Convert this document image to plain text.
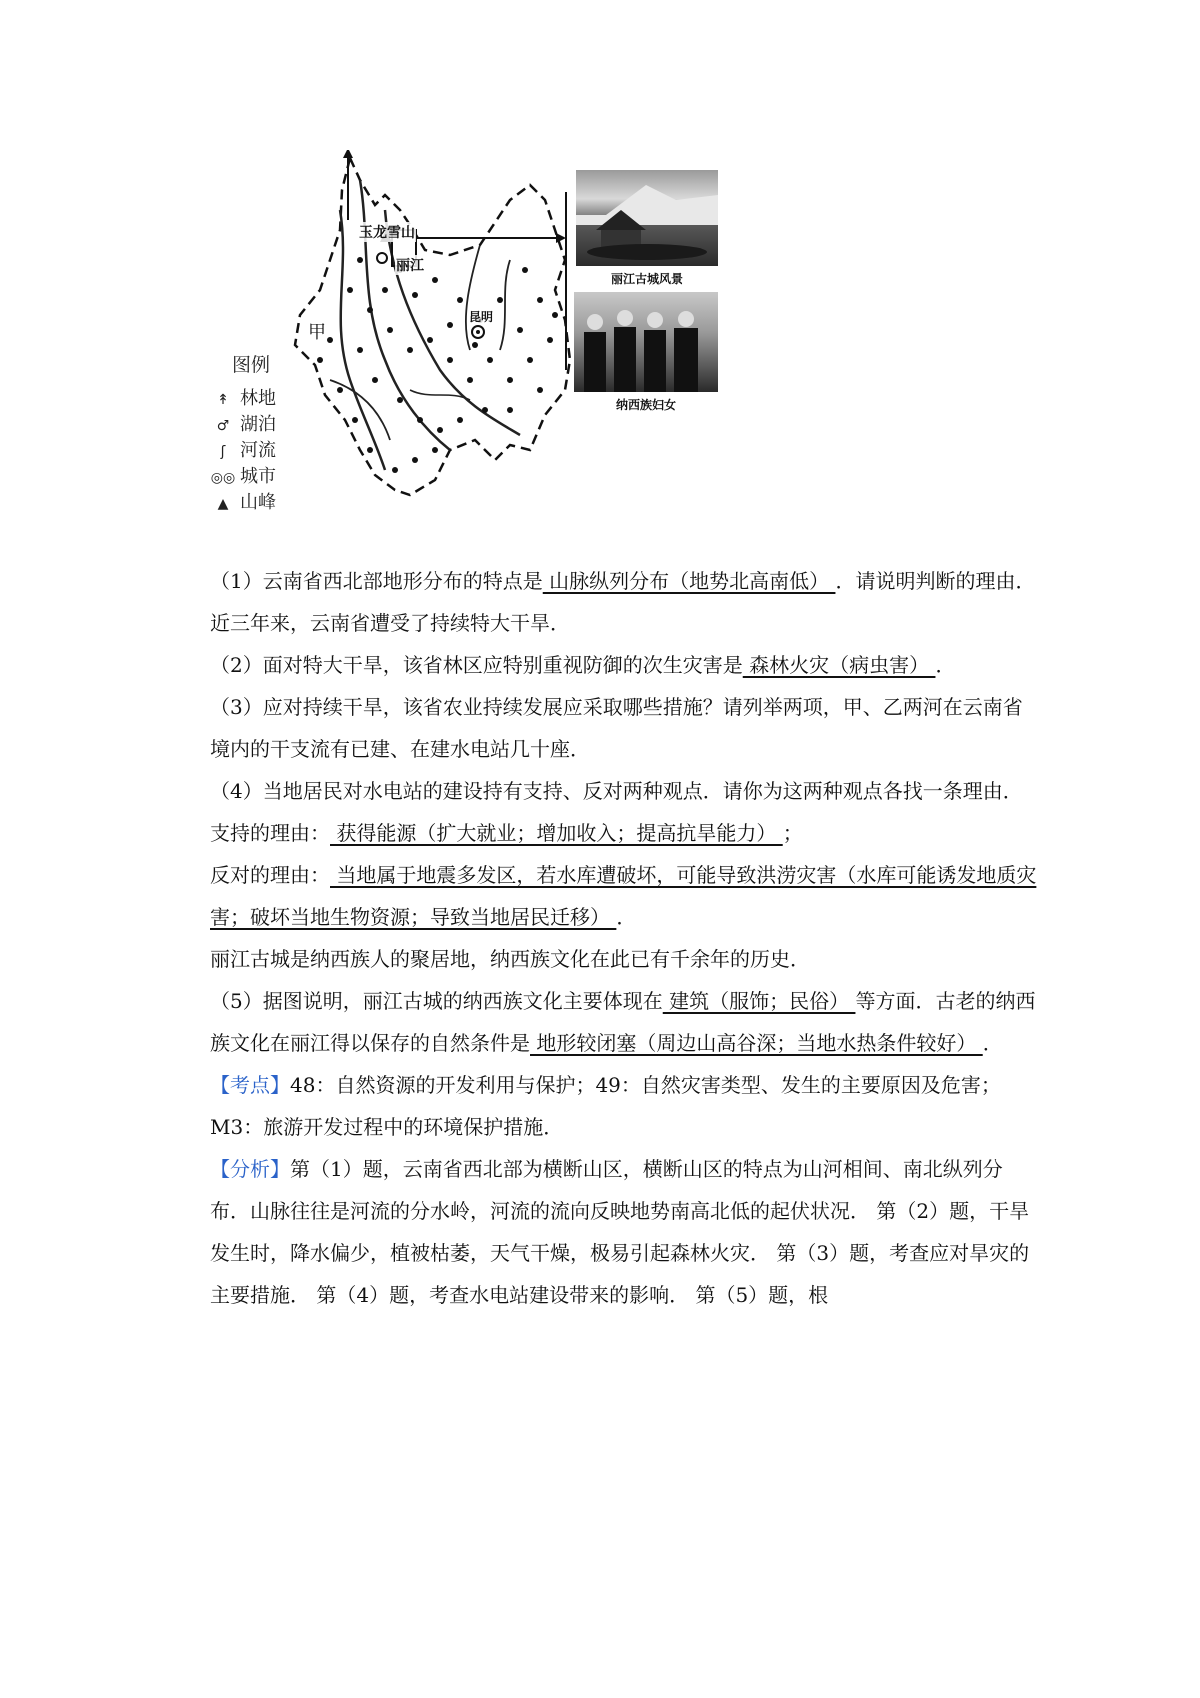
玉龙雪山
丽江
甲
昆明
丽江古城风景
纳西族妇女
图例
↟ 林地
♂ 湖泊
ʃ 河流
◎◎ 城市
▲ 山峰

（1）云南省西北部地形分布的特点是 山脉纵列分布（地势北高南低） ．请说明判断的理由．

近三年来，云南省遭受了持续特大干旱．

（2）面对特大干旱，该省林区应特别重视防御的次生灾害是 森林火灾（病虫害） ．

（3）应对持续干旱，该省农业持续发展应采取哪些措施？请列举两项，甲、乙两河在云南省境内的干支流有已建、在建水电站几十座．

（4）当地居民对水电站的建设持有支持、反对两种观点．请你为这两种观点各找一条理由．

支持的理由： 获得能源（扩大就业；增加收入；提高抗旱能力） ；

反对的理由： 当地属于地震多发区，若水库遭破坏，可能导致洪涝灾害（水库可能诱发地质灾害；破坏当地生物资源；导致当地居民迁移） ．

丽江古城是纳西族人的聚居地，纳西族文化在此已有千余年的历史．

（5）据图说明，丽江古城的纳西族文化主要体现在 建筑（服饰；民俗） 等方面．古老的纳西族文化在丽江得以保存的自然条件是 地形较闭塞（周边山高谷深；当地水热条件较好） ．

【考点】48：自然资源的开发利用与保护；49：自然灾害类型、发生的主要原因及危害；M3：旅游开发过程中的环境保护措施．

【分析】第（1）题，云南省西北部为横断山区，横断山区的特点为山河相间、南北纵列分布．山脉往往是河流的分水岭，河流的流向反映地势南高北低的起伏状况． 第（2）题，干旱发生时，降水偏少，植被枯萎，天气干燥，极易引起森林火灾． 第（3）题，考查应对旱灾的主要措施． 第（4）题，考查水电站建设带来的影响． 第（5）题，根
